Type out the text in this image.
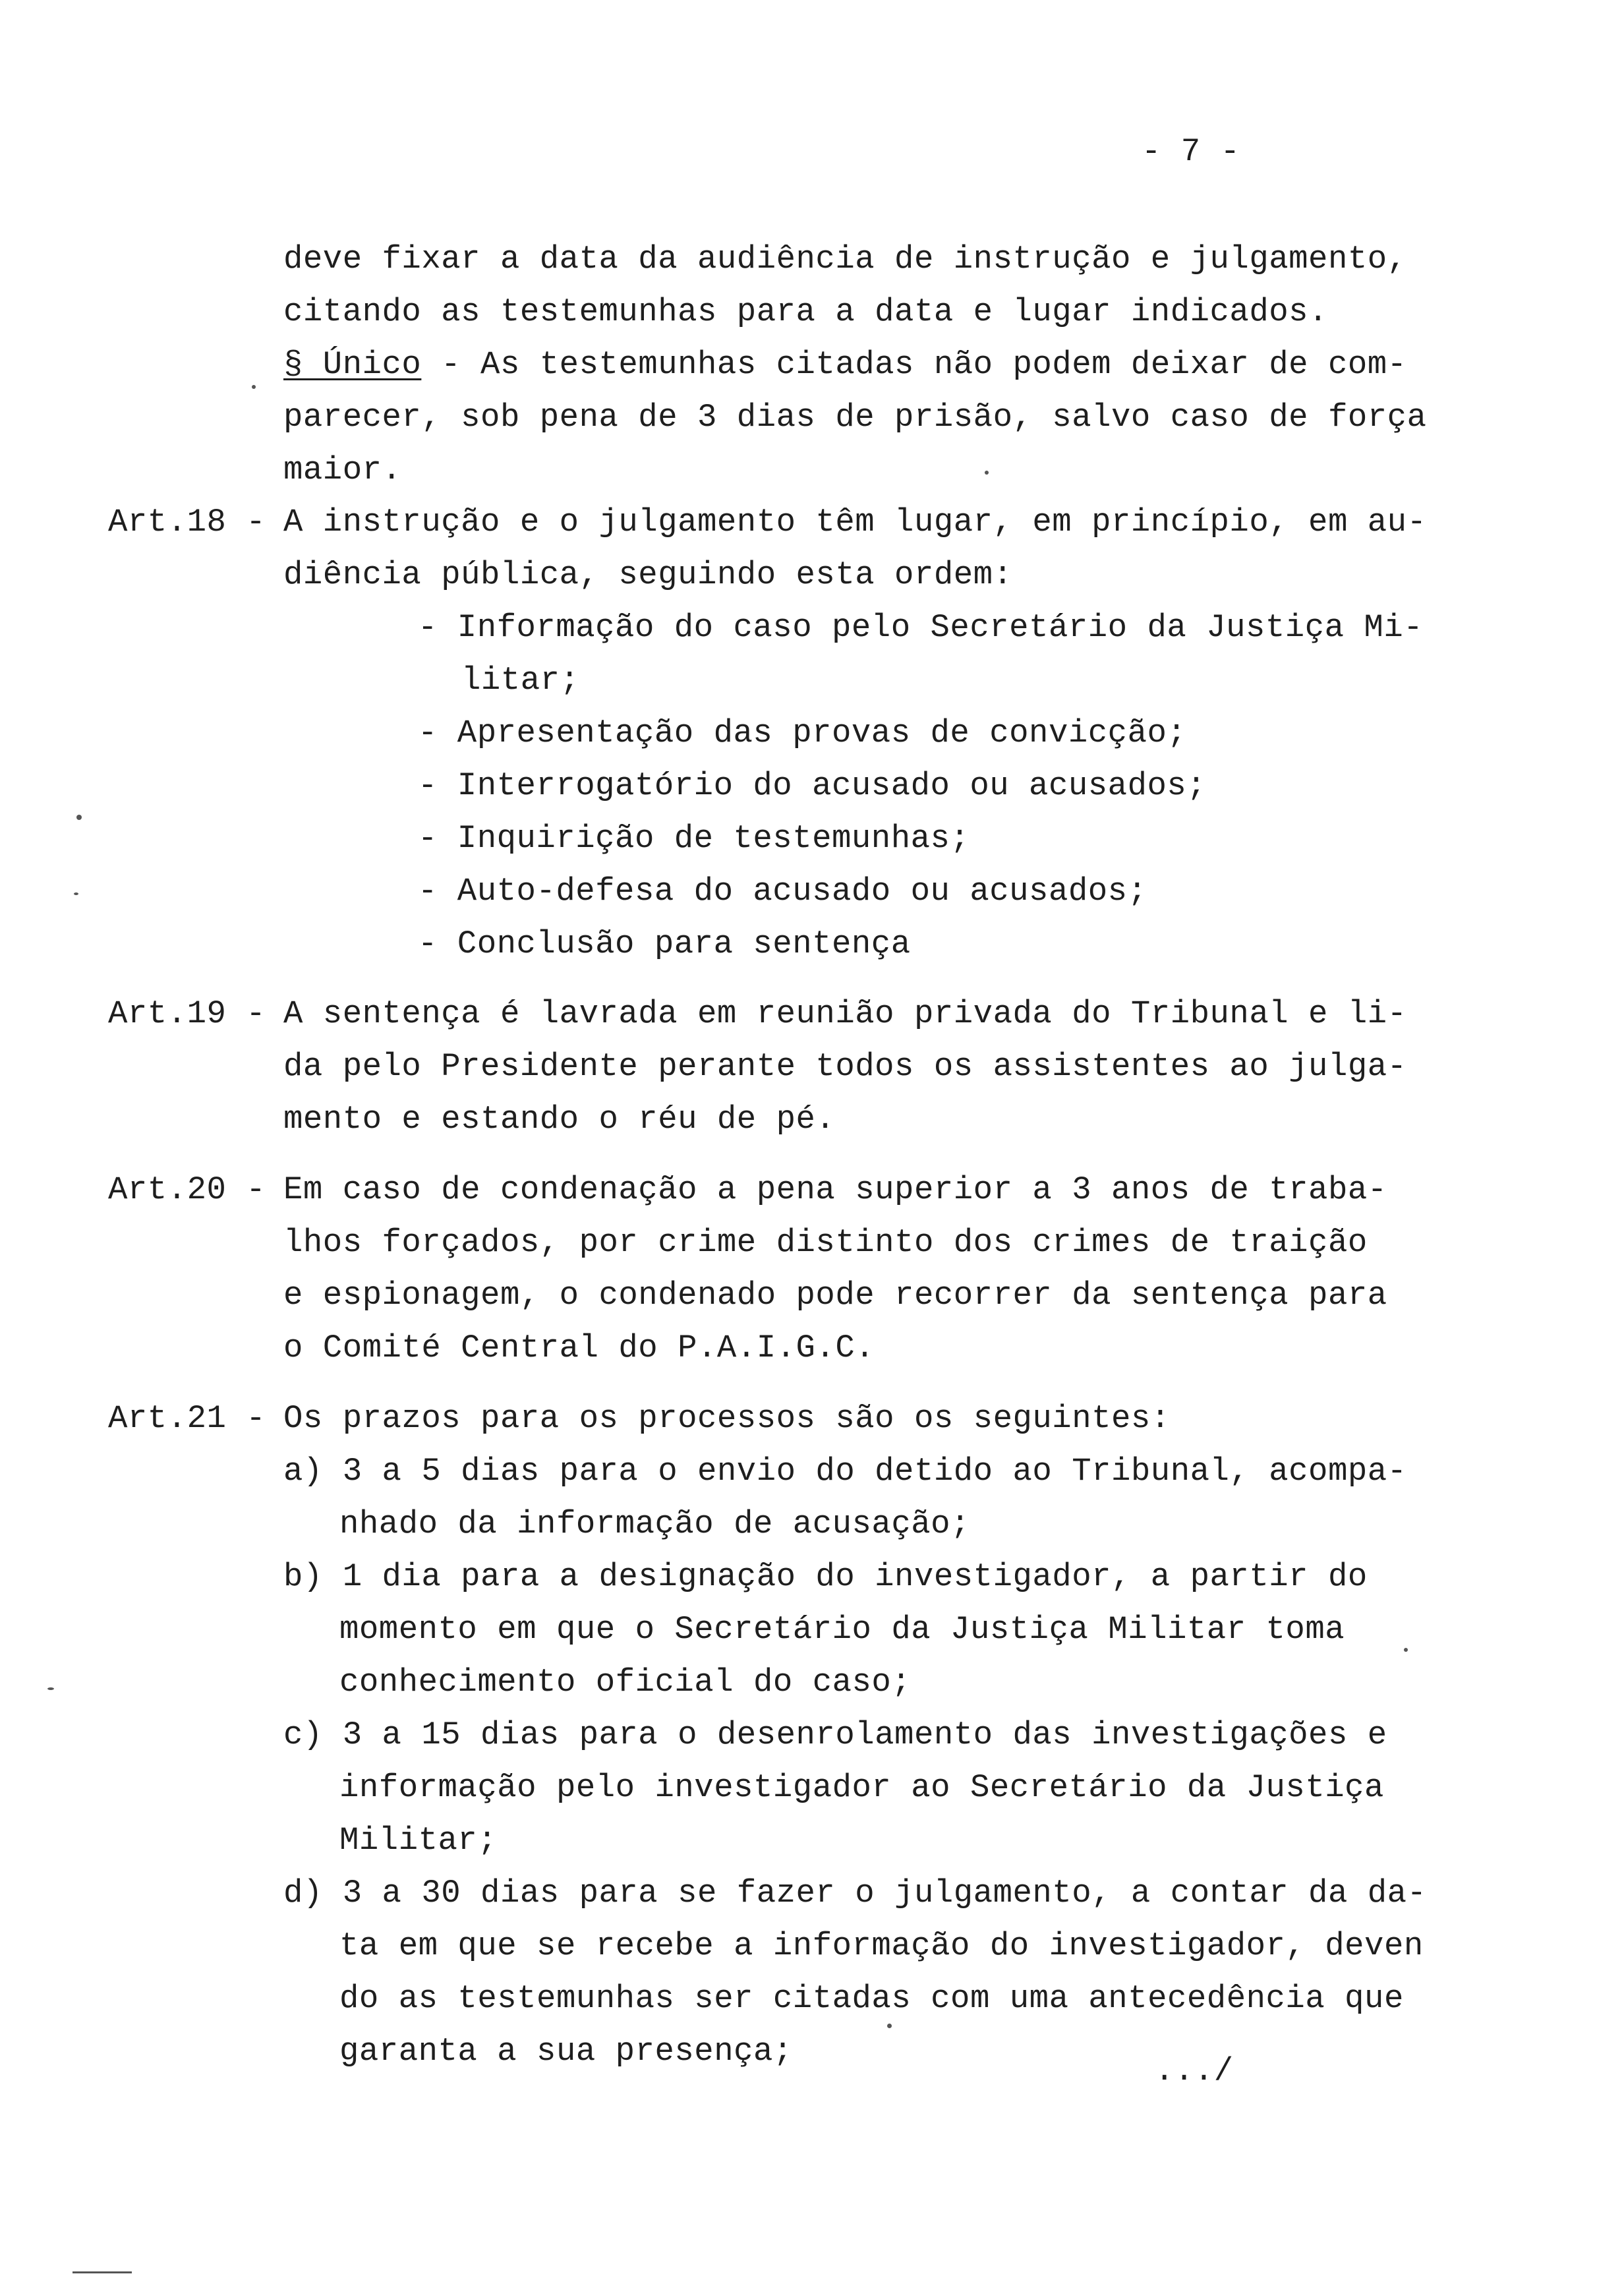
- 7 -
deve fixar a data da audiência de instrução e julgamento,
citando as testemunhas para a data e lugar indicados.
§ Único - As testemunhas citadas não podem deixar de com-
parecer, sob pena de 3 dias de prisão, salvo caso de força
maior.
Art.18 - A instrução e o julgamento têm lugar, em princípio, em au-
diência pública, seguindo esta ordem:
- Informação do caso pelo Secretário da Justiça Mi-
litar;
- Apresentação das provas de convicção;
- Interrogatório do acusado ou acusados;
- Inquirição de testemunhas;
- Auto-defesa do acusado ou acusados;
- Conclusão para sentença
Art.19 - A sentença é lavrada em reunião privada do Tribunal e li-
da pelo Presidente perante todos os assistentes ao julga-
mento e estando o réu de pé.
Art.20 - Em caso de condenação a pena superior a 3 anos de traba-
lhos forçados, por crime distinto dos crimes de traição
e espionagem, o condenado pode recorrer da sentença para
o Comité Central do P.A.I.G.C.
Art.21 - Os prazos para os processos são os seguintes:
a) 3 a 5 dias para o envio do detido ao Tribunal, acompa-
nhado da informação de acusação;
b) 1 dia para a designação do investigador, a partir do
momento em que o Secretário da Justiça Militar toma
conhecimento oficial do caso;
c) 3 a 15 dias para o desenrolamento das investigações e
informação pelo investigador ao Secretário da Justiça
Militar;
d) 3 a 30 dias para se fazer o julgamento, a contar da da-
ta em que se recebe a informação do investigador, deven
do as testemunhas ser citadas com uma antecedência que
garanta a sua presença;
.../
